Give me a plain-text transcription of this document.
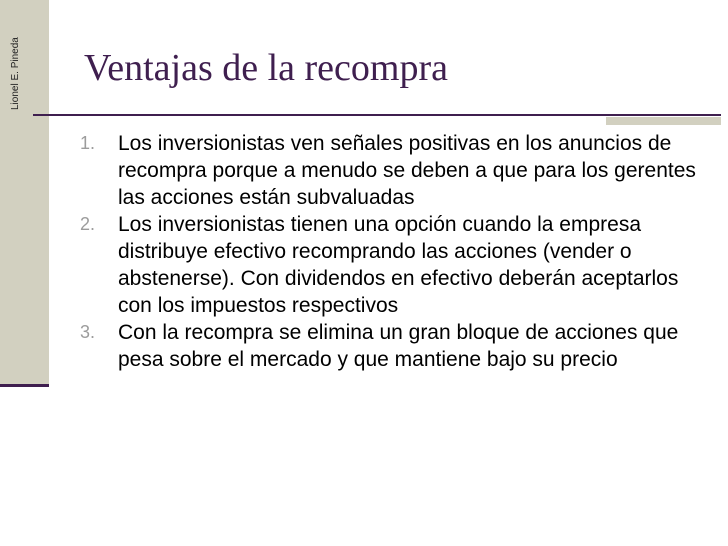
Lionel E. Pineda Ventajas de la recompra
1. Los inversionistas ven señales positivas en los anuncios de recompra porque a menudo se deben a que para los gerentes las acciones están subvaluadas
2. Los inversionistas tienen una opción cuando la empresa distribuye efectivo recomprando las acciones (vender o abstenerse). Con dividendos en efectivo deberán aceptarlos con los impuestos respectivos
3. Con la recompra se elimina un gran bloque de acciones que pesa sobre el mercado y que mantiene bajo su precio
